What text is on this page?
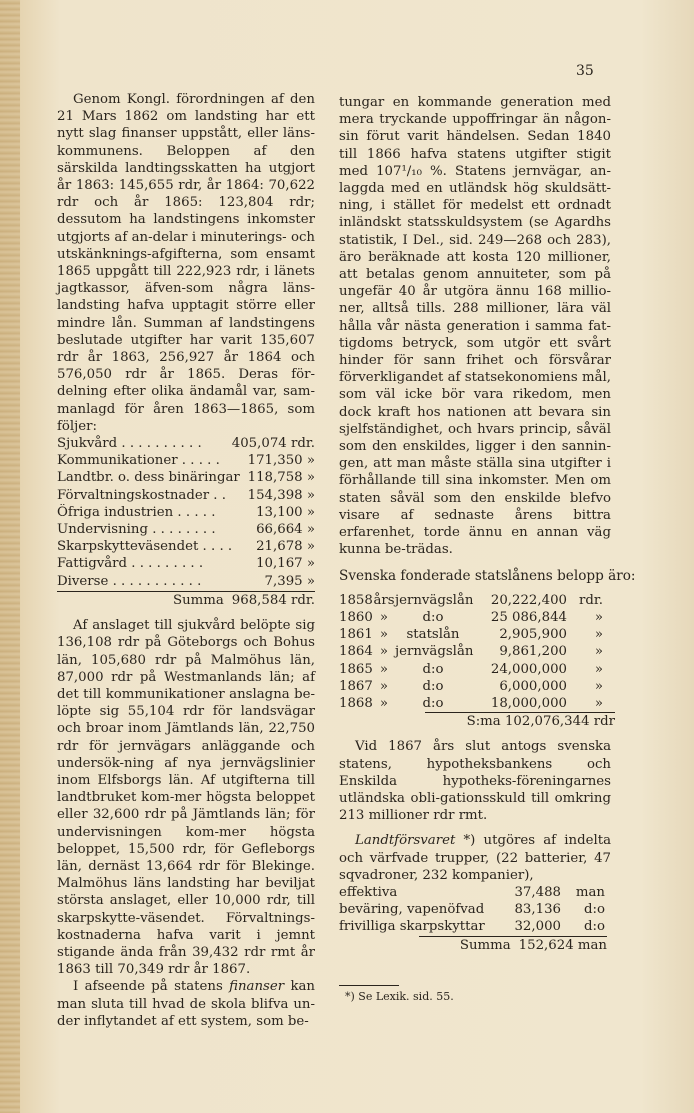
35

Genom Kongl. förordningen af den 21 Mars 1862 om landsting har ett nytt slag finanser uppstått, eller läns-kommunens. Beloppen af den särskilda landtingsskatten ha utgjort år 1863: 145,655 rdr, år 1864: 70,622 rdr och år 1865: 123,804 rdr; dessutom ha landstingens inkomster utgjorts af an-delar i minuterings- och utskänknings-afgifterna, som ensamt 1865 uppgått till 222,923 rdr, i länets jagtkassor, äfven-som några läns-landsting hafva upptagit större eller mindre lån. Summan af landstingens beslutade utgifter har varit 135,607 rdr år 1863, 256,927 år 1864 och 576,050 rdr år 1865. Deras för-delning efter olika ändamål var, sam-manlagd för åren 1863—1865, som följer:

Sjukvård . . . . . . . . . . 405,074 rdr.
Kommunikationer . . . . . 171,350 »
Landtbr. o. dess binäringar 118,758 »
Förvaltningskostnader . . 154,398 »
Öfriga industrien . . . . .	13,100 »
Undervisning . . . . . . . .	66,664 »
Skarpskytteväsendet . . . . 21,678 »
Fattigvård . . . . . . . . .	10,167 »
Diverse . . . . . . . . . . .	7,395 »
Summa 968,584 rdr.

Af anslaget till sjukvård belöpte sig 136,108 rdr på Göteborgs och Bohus län, 105,680 rdr på Malmöhus län, 87,000 rdr på Westmanlands län; af det till kommunikationer anslagna be-löpte sig 55,104 rdr för landsvägar och broar inom Jämtlands län, 22,750 rdr för jernvägars anläggande och undersök-ning af nya jernvägslinier inom Elfsborgs län. Af utgifterna till landtbruket kom-mer högsta beloppet eller 32,600 rdr på Jämtlands län; för undervisningen kom-mer högsta beloppet, 15,500 rdr, för Gefleborgs län, dernäst 13,664 rdr för Blekinge. Malmöhus läns landsting har beviljat största anslaget, eller 10,000 rdr, till skarpskytte-väsendet. Förvaltnings-kostnaderna hafva varit i jemnt stigande ända från 39,432 rdr rmt år 1863 till 70,349 rdr år 1867.

I afseende på statens finanser kan man sluta till hvad de skola blifva un-der inflytandet af ett system, som be-

tungar en kommande generation med mera tryckande uppoffringar än någon-sin förut varit händelsen. Sedan 1840 till 1866 hafva statens utgifter stigit med 107¹/₁₀ %. Statens jernvägar, an-laggda med en utländsk hög skuldsätt-ning, i stället för medelst ett ordnadt inländskt statsskuldsystem (se Agardhs statistik, I Del., sid. 249—268 och 283), äro beräknade att kosta 120 millioner, att betalas genom annuiteter, som på ungefär 40 år utgöra ännu 168 millio-ner, alltså tills. 288 millioner, lära väl hålla vår nästa generation i samma fat-tigdoms betryck, som utgör ett svårt hinder för sann frihet och försvårar förverkligandet af statsekonomiens mål, som väl icke bör vara rikedom, men dock kraft hos nationen att bevara sin sjelfständighet, och hvars princip, såväl som den enskildes, ligger i den sannin-gen, att man måste ställa sina utgifter i förhållande till sina inkomster. Men om staten såväl som den enskilde blefvo visare af sednaste årens bittra erfarenhet, torde ännu en annan väg kunna be-trädas.

Svenska fonderade statslånens belopp äro:
1858 års jernvägslån	20,222,400 rdr.
1860 »	d:o	25 086,844	»
1861 »	statslån	2,905,900	»
1864 » jernvägslån	9,861,200	»
1865 »	d:o	24,000,000	»
1867 »	d:o	6,000,000	»
1868 »	d:o	18,000,000	»
S:ma 102,076,344 rdr

Vid 1867 års slut antogs svenska statens, hypotheksbankens och Enskilda hypotheks-föreningarnes utländska obli-gationsskuld till omkring 213 millioner rdr rmt.

Landtförsvaret *) utgöres af indelta och värfvade trupper, (22 batterier, 47 sqvadroner, 232 kompanier),

effektiva	37,488	man
beväring, vapenöfvad	83,136	d:o
frivilliga skarpskyttar	32,000	d:o
Summa 152,624 man
*) Se Lexik. sid. 55.
